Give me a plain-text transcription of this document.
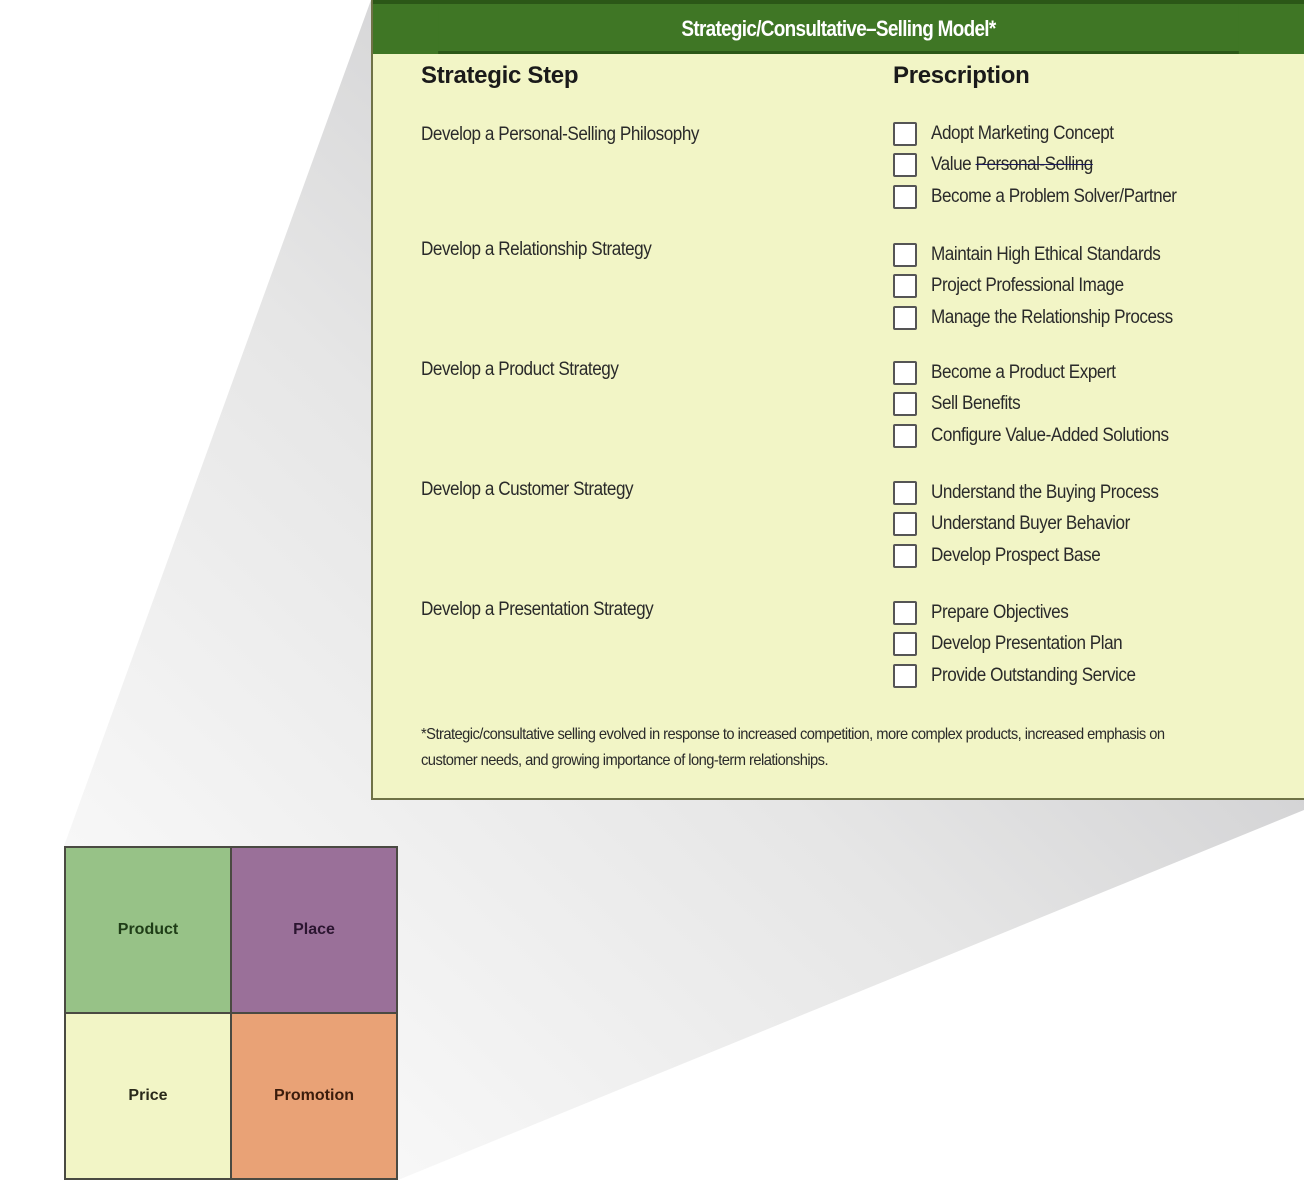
Strategic/Consultative–Selling Model*
Strategic Step	Prescription
Develop a Personal-Selling Philosophy	Adopt Marketing Concept
Value Personal-Selling
Become a Problem Solver/Partner
Develop a Relationship Strategy	Maintain High Ethical Standards
Project Professional Image
Manage the Relationship Process
Develop a Product Strategy	Become a Product Expert
Sell Benefits
Configure Value-Added Solutions
Develop a Customer Strategy	Understand the Buying Process
Understand Buyer Behavior
Develop Prospect Base
Develop a Presentation Strategy	Prepare Objectives
Develop Presentation Plan
Provide Outstanding Service
*Strategic/consultative selling evolved in response to increased competition, more complex products, increased emphasis on customer needs, and growing importance of long-term relationships.
Product	Place
Price	Promotion
